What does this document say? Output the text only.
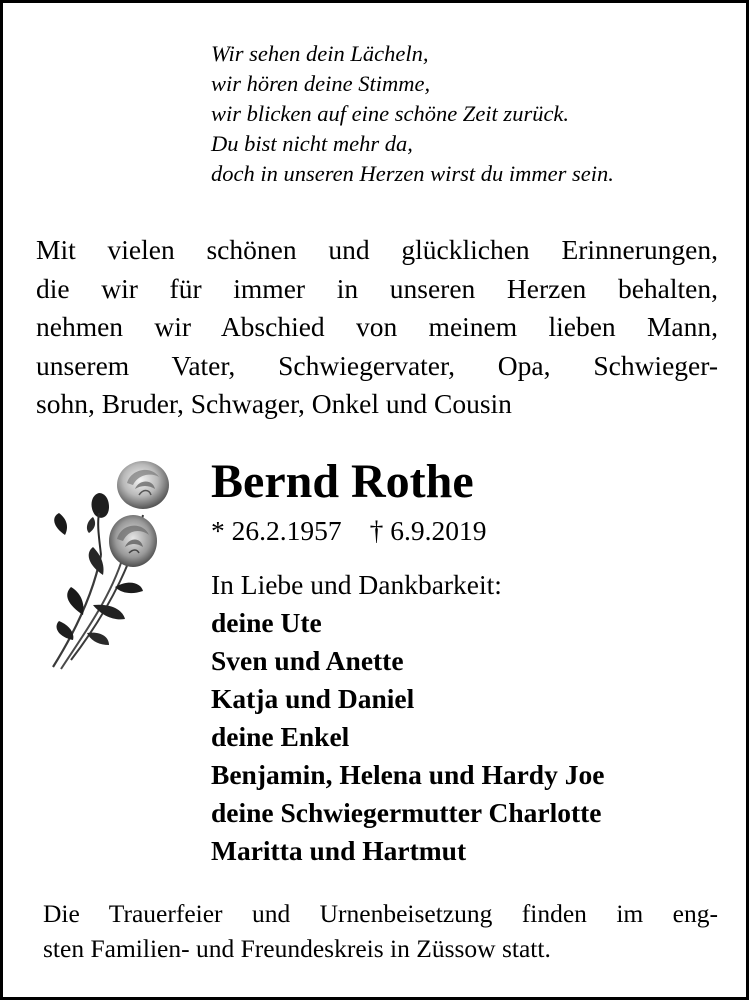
Wir sehen dein Lächeln,
wir hören deine Stimme,
wir blicken auf eine schöne Zeit zurück.
Du bist nicht mehr da,
doch in unseren Herzen wirst du immer sein.
Mit vielen schönen und glücklichen Erinnerungen,
die wir für immer in unseren Herzen behalten,
nehmen wir Abschied von meinem lieben Mann,
unserem Vater, Schwiegervater, Opa, Schwieger-
sohn, Bruder, Schwager, Onkel und Cousin
Bernd Rothe
* 26.2.1957 † 6.9.2019
In Liebe und Dankbarkeit:
deine Ute
Sven und Anette
Katja und Daniel
deine Enkel
Benjamin, Helena und Hardy Joe
deine Schwiegermutter Charlotte
Maritta und Hartmut
Die Trauerfeier und Urnenbeisetzung finden im eng-
sten Familien- und Freundeskreis in Züssow statt.
